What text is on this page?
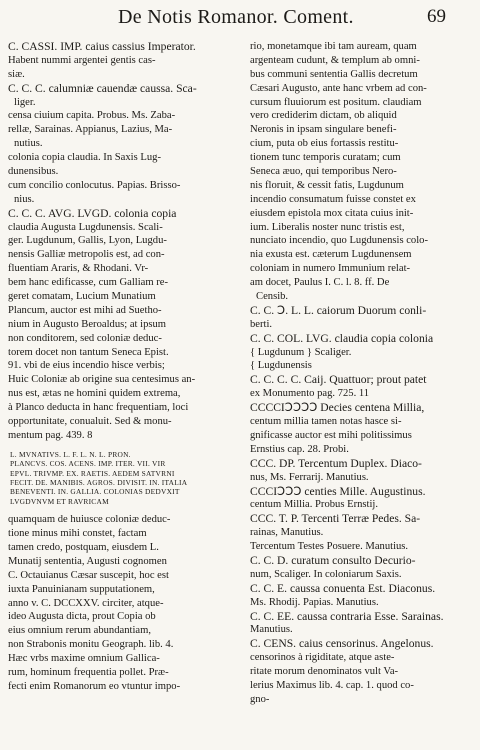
De Notis Romanor. Coment.	69
C. CASSI. IMP. caius cassius Imperator.
Habent nummi argentei gentis cas-
siæ.
C. C. C. calumniæ cauendæ caussa. Sca-
liger.
censa ciuium capita. Probus. Ms. Zaba-
rellæ, Sarainas. Appianus, Lazius, Ma-
nutius.
colonia copia claudia. In Saxis Lug-
dunensibus.
cum concilio conlocutus. Papias. Brisso-
nius.
C. C. C. AVG. LVGD. colonia copia
claudia Augusta Lugdunensis. Scali-
ger. Lugdunum, Gallis, Lyon, Lugdu-
nensis Galliæ metropolis est, ad con-
fluentiam Araris, & Rhodani. Vr-
bem hanc edificasse, cum Galliam re-
geret comatam, Lucium Munatium
Plancum, auctor est mihi ad Suetho-
nium in Augusto Beroaldus; at ipsum
non conditorem, sed coloniæ deduc-
torem docet non tantum Seneca Epist.
91. vbi de eius incendio hisce verbis;
Huic Coloniæ ab origine sua centesimus an-
nus est, ætas ne homini quidem extrema,
à Planco deducta in hanc frequentiam, loci
opportunitate, conualuit. Sed & monu-
mentum pag. 439. 8
L. MVNATIVS. L. F. L. N. L. PRON.
PLANCVS. COS. ACENS. IMP. ITER. VII. VIR
EPVL. TRIVMP. EX. RAETIS. AEDEM SATVRNI
FECIT. DE. MANIBIS. AGROS. DIVISIT. IN. ITALIA
BENEVENTI. IN. GALLIA. COLONIAS DEDVXIT
LVGDVNVM ET RAVRICAM
quamquam de huiusce coloniæ deduc-
tione minus mihi constet, factam
tamen credo, postquam, eiusdem L.
Munatij sententia, Augusti cognomen
C. Octauianus Cæsar suscepit, hoc est
iuxta Panuinianam supputationem,
anno v. C. DCCXXV. circiter, atque-
ideo Augusta dicta, prout Copia ob
eius omnium rerum abundantiam,
non Strabonis monitu Geograph. lib. 4.
Hæc vrbs maxime omnium Gallica-
rum, hominum frequentia pollet. Præ-
fecti enim Romanorum eo vtuntur impo-
rio, monetamque ibi tam auream, quam
argenteam cudunt, & templum ab omni-
bus communi sententia Gallis decretum
Cæsari Augusto, ante hanc vrbem ad con-
cursum fluuiorum est positum. claudiam
vero crediderim dictam, ob aliquid
Neronis in ipsam singulare benefi-
cium, puta ob eius fortassis restitu-
tionem tunc temporis curatam; cum
Seneca æuo, qui temporibus Nero-
nis floruit, & cessit fatis, Lugdunum
incendio consumatum fuisse constet ex
eiusdem epistola mox citata cuius init-
ium. Liberalis noster nunc tristis est,
nunciato incendio, quo Lugdunensis colo-
nia exusta est. cæterum Lugdunensem
coloniam in numero Immunium relat-
am docet, Paulus I. C. l. 8. ff. De
Censib.
C. C. Ↄ. L. L. caiorum Duorum conli-
berti.
C. C. COL. LVG. claudia copia colonia
{ Lugdunum } Scaliger.
{ Lugdunensis
C. C. C. C. Caij. Quattuor; prout patet
ex Monumento pag. 725. 11
CCCCIↃↃↃↃ Decies centena Millia,
centum millia tamen notas hasce si-
gnificasse auctor est mihi politissimus
Ernstius cap. 28. Probi.
CCC. DP. Tercentum Duplex. Diaco-
nus, Ms. Ferrarij. Manutius.
CCCIↃↃↃ centies Mille. Augustinus.
centum Millia. Probus Ernstij.
CCC. T. P. Tercenti Terræ Pedes. Sa-
rainas, Manutius.
Tercentum Testes Posuere. Manutius.
C. C. D. curatum consulto Decurio-
num, Scaliger. In coloniarum Saxis.
C. C. E. caussa conuenta Est. Diaconus.
Ms. Rhodij. Papias. Manutius.
C. C. EE. caussa contraria Esse. Sarainas.
Manutius.
C. CENS. caius censorinus. Angelonus.
censorinos à rigiditate, atque aste-
ritate morum denominatos vult Va-
lerius Maximus lib. 4. cap. 1. quod co-
gno-
